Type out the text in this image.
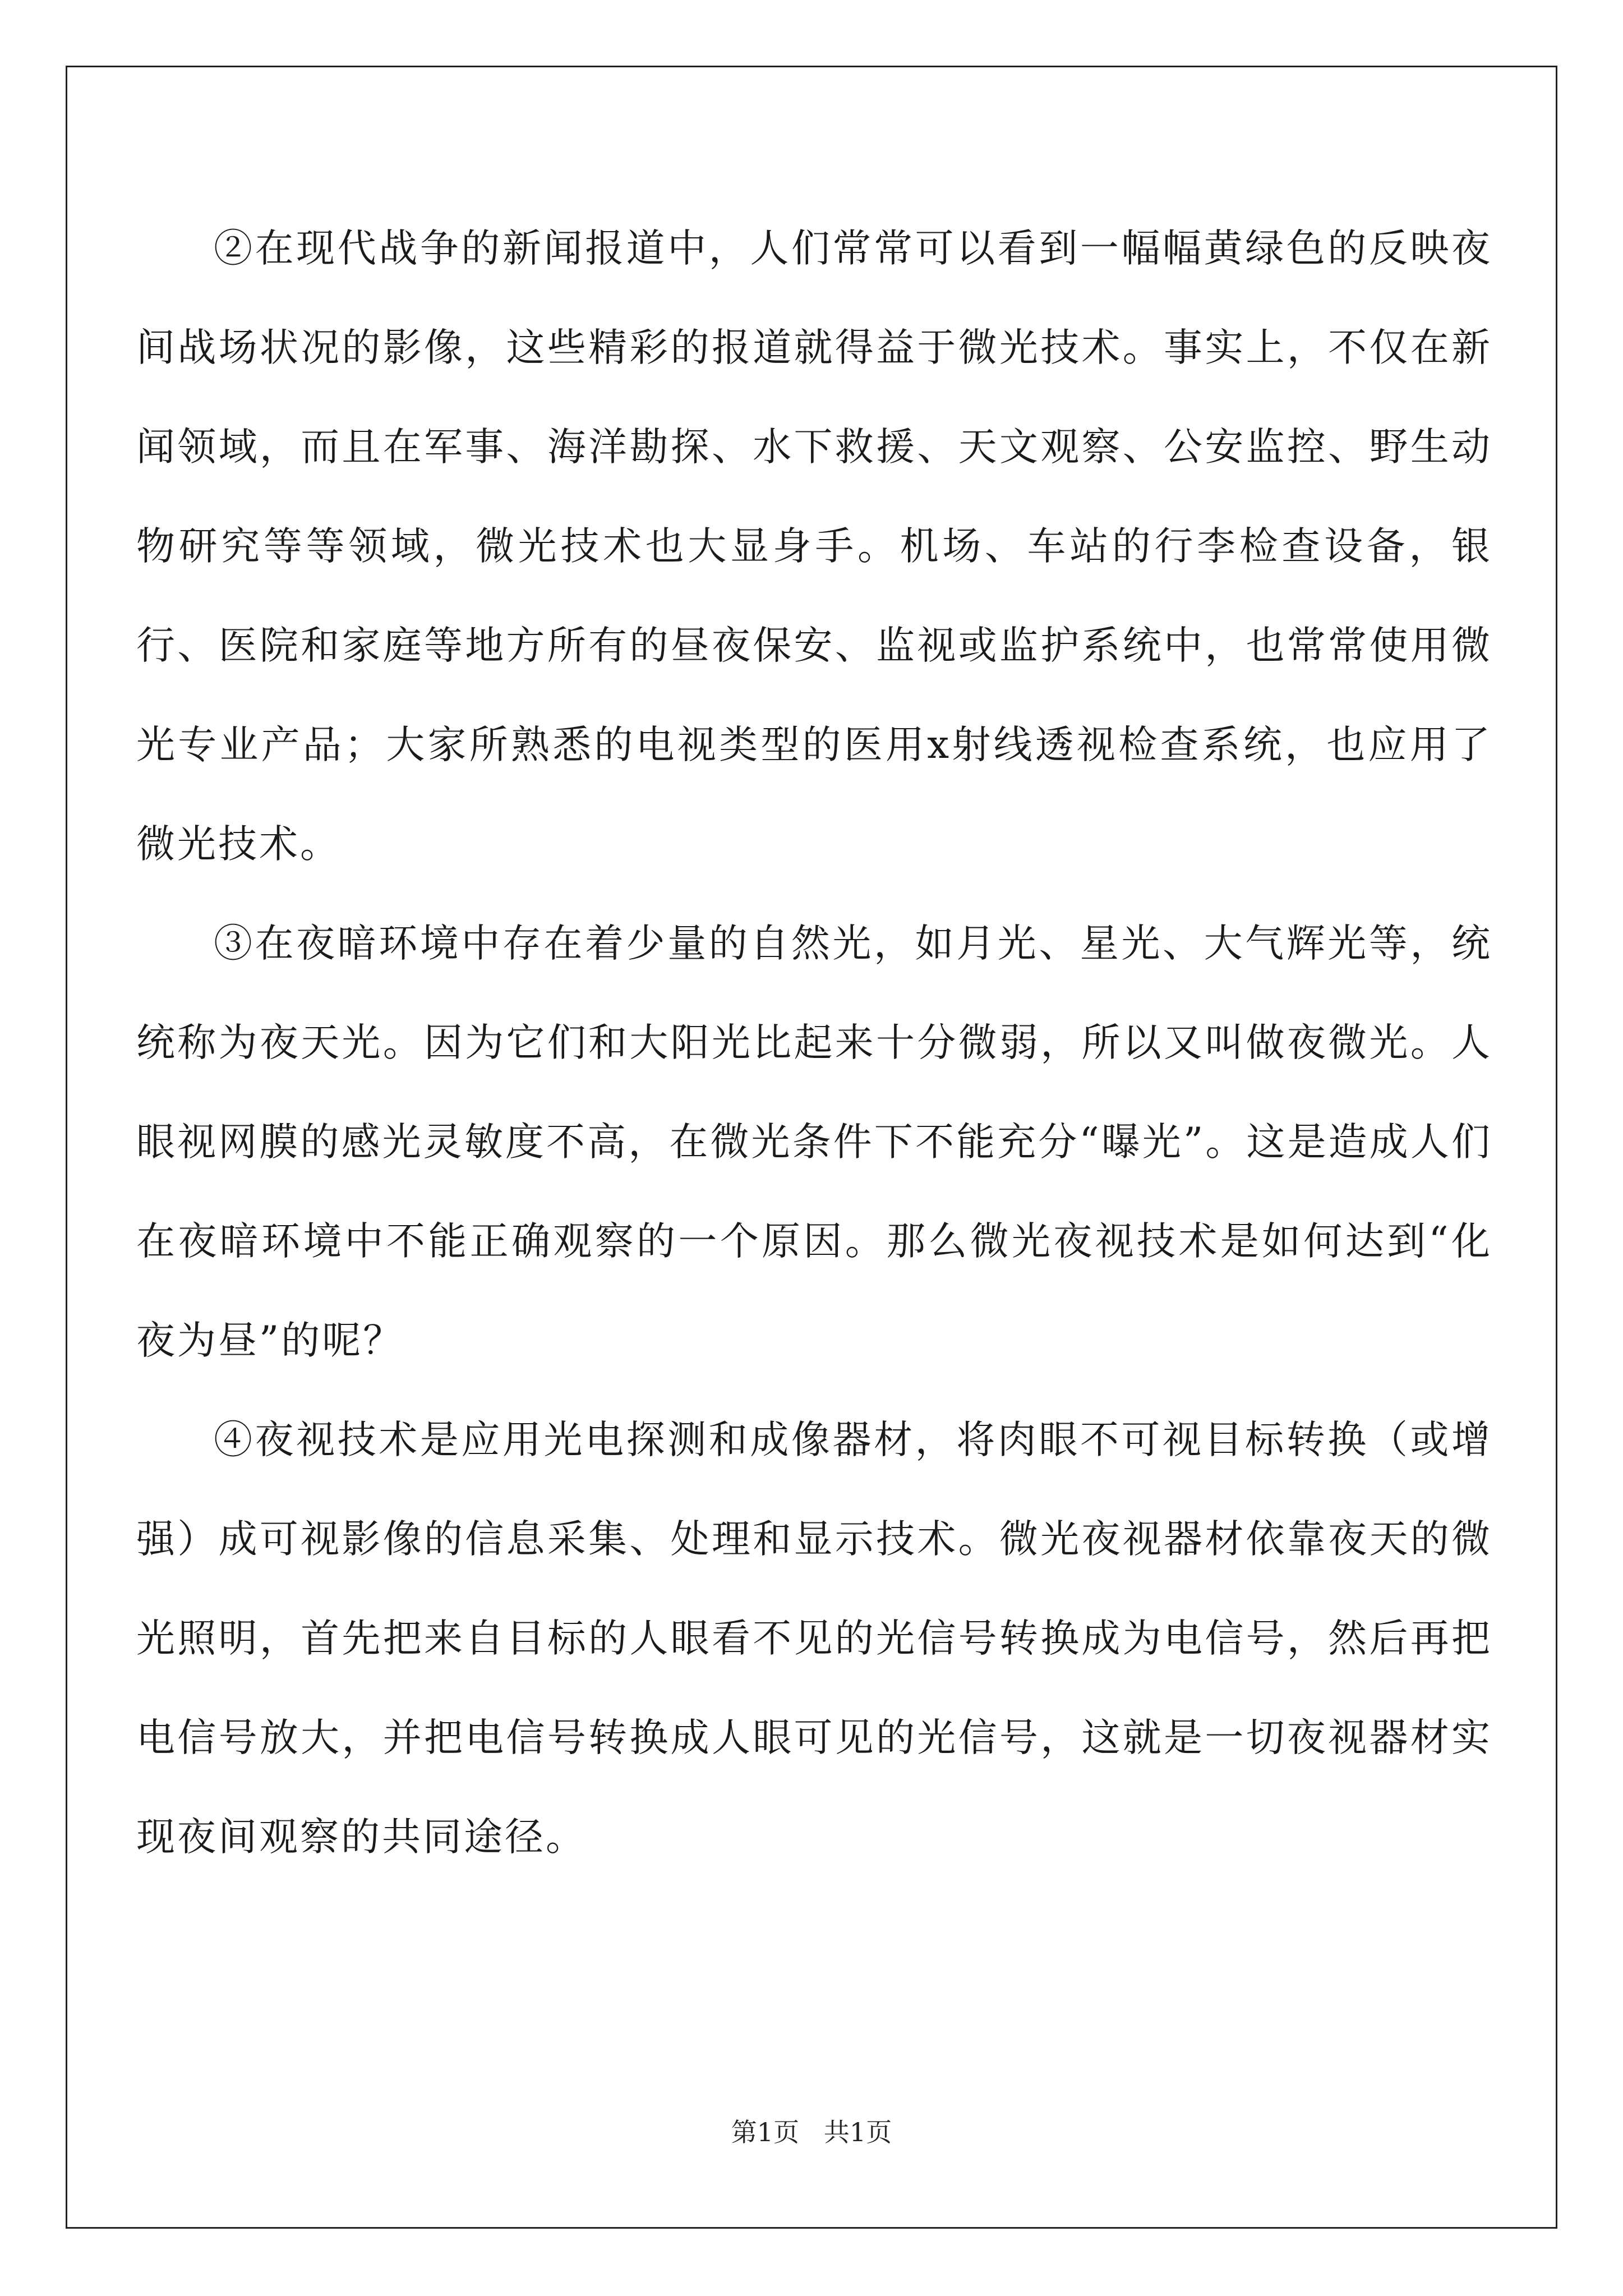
②在现代战争的新闻报道中，人们常常可以看到一幅幅黄绿色的反映夜间战场状况的影像，这些精彩的报道就得益于微光技术。事实上，不仅在新闻领域，而且在军事、海洋勘探、水下救援、天文观察、公安监控、野生动物研究等等领域，微光技术也大显身手。机场、车站的行李检查设备，银行、医院和家庭等地方所有的昼夜保安、监视或监护系统中，也常常使用微光专业产品；大家所熟悉的电视类型的医用x射线透视检查系统，也应用了微光技术。

③在夜暗环境中存在着少量的自然光，如月光、星光、大气辉光等，统统称为夜天光。因为它们和大阳光比起来十分微弱，所以又叫做夜微光。人眼视网膜的感光灵敏度不高，在微光条件下不能充分“曝光”。这是造成人们在夜暗环境中不能正确观察的一个原因。那么微光夜视技术是如何达到“化夜为昼”的呢？

④夜视技术是应用光电探测和成像器材，将肉眼不可视目标转换（或增强）成可视影像的信息采集、处理和显示技术。微光夜视器材依靠夜天的微光照明，首先把来自目标的人眼看不见的光信号转换成为电信号，然后再把电信号放大，并把电信号转换成人眼可见的光信号，这就是一切夜视器材实现夜间观察的共同途径。

第1页   共1页
